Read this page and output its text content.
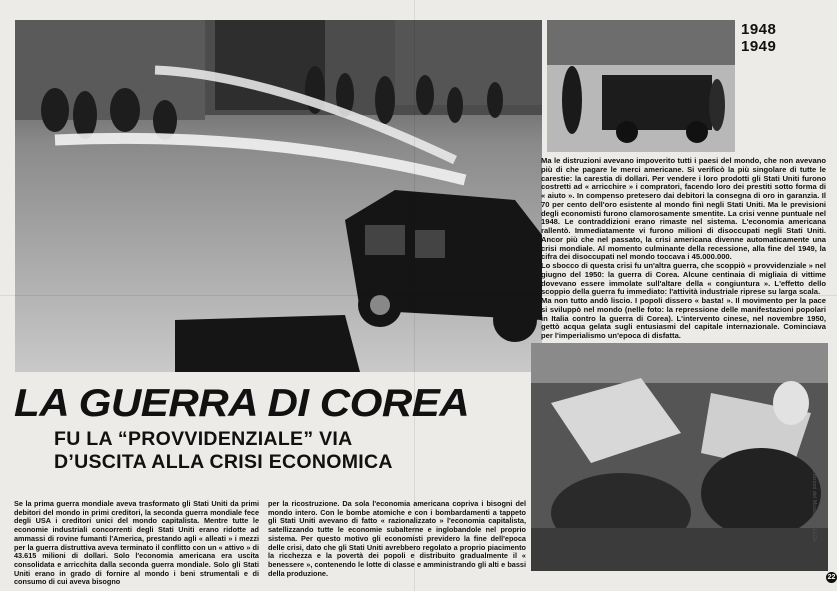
1948
1949

Ma le distruzioni avevano impoverito tutti i paesi del mondo, che non avevano più di che pagare le merci americane. Si verificò la più singolare di tutte le carestie: la carestia di dollari. Per vendere i loro prodotti gli Stati Uniti furono costretti ad « arricchire » i compratori, facendo loro dei prestiti sotto forma di « aiuto ». In compenso pretesero dai debitori la consegna di oro in garanzia. Il 70 per cento dell'oro esistente al mondo finì negli Stati Uniti. Ma le previsioni degli economisti furono clamorosamente smentite. La crisi venne puntuale nel 1948. Le contraddizioni erano rimaste nel sistema. L'economia americana rallentò. Immediatamente vi furono milioni di disoccupati negli Stati Uniti. Ancor più che nel passato, la crisi americana divenne automaticamente una crisi mondiale. Al momento culminante della recessione, alla fine del 1949, la cifra dei disoccupati nel mondo toccava i 45.000.000.

Lo sbocco di questa crisi fu un'altra guerra, che scoppiò « provvidenziale » nel giugno del 1950: la guerra di Corea. Alcune centinaia di migliaia di vittime dovevano essere immolate sull'altare della « congiuntura ». L'effetto dello scoppio della guerra fu immediato: l'attività industriale riprese su larga scala.

Ma non tutto andò liscio. I popoli dissero « basta! ». Il movimento per la pace si sviluppò nel mondo (nelle foto: la repressione delle manifestazioni popolari in Italia contro la guerra di Corea). L'intervento cinese, nel novembre 1950, gettò acqua gelata sugli entusiasmi del capitale internazionale. Cominciava per l'imperialismo un'epoca di disfatta.

LA GUERRA DI COREA
FU LA “PROVVIDENZIALE” VIA
D’USCITA ALLA CRISI ECONOMICA

Se la prima guerra mondiale aveva trasformato gli Stati Uniti da primi debitori del mondo in primi creditori, la seconda guerra mondiale fece degli USA i creditori unici del mondo capitalista. Mentre tutte le economie industriali concorrenti degli Stati Uniti erano ridotte ad ammassi di rovine fumanti l'America, prestando agli « alleati » i mezzi per la guerra distruttiva aveva terminato il conflitto con un « attivo » di 43.615 milioni di dollari. Solo l'economia americana era uscita consolidata e arricchita dalla seconda guerra mondiale. Solo gli Stati Uniti erano in grado di fornire al mondo i beni strumentali e di consumo di cui aveva bisogno

per la ricostruzione. Da sola l'economia americana copriva i bisogni del mondo intero. Con le bombe atomiche e con i bombardamenti a tappeto gli Stati Uniti avevano di fatto « razionalizzato » l'economia capitalista, satellizzando tutte le economie subalterne e inglobandole nel proprio sistema. Per questo motivo gli economisti previdero la fine dell'epoca delle crisi, dato che gli Stati Uniti avrebbero regolato a proprio piacimento la ricchezza e la povertà dei popoli e distribuito gradualmente il « benessere », contenendo le lotte di classe e amministrando gli alti e bassi della produzione.

Edizioni del Museo «GALLO»
22
